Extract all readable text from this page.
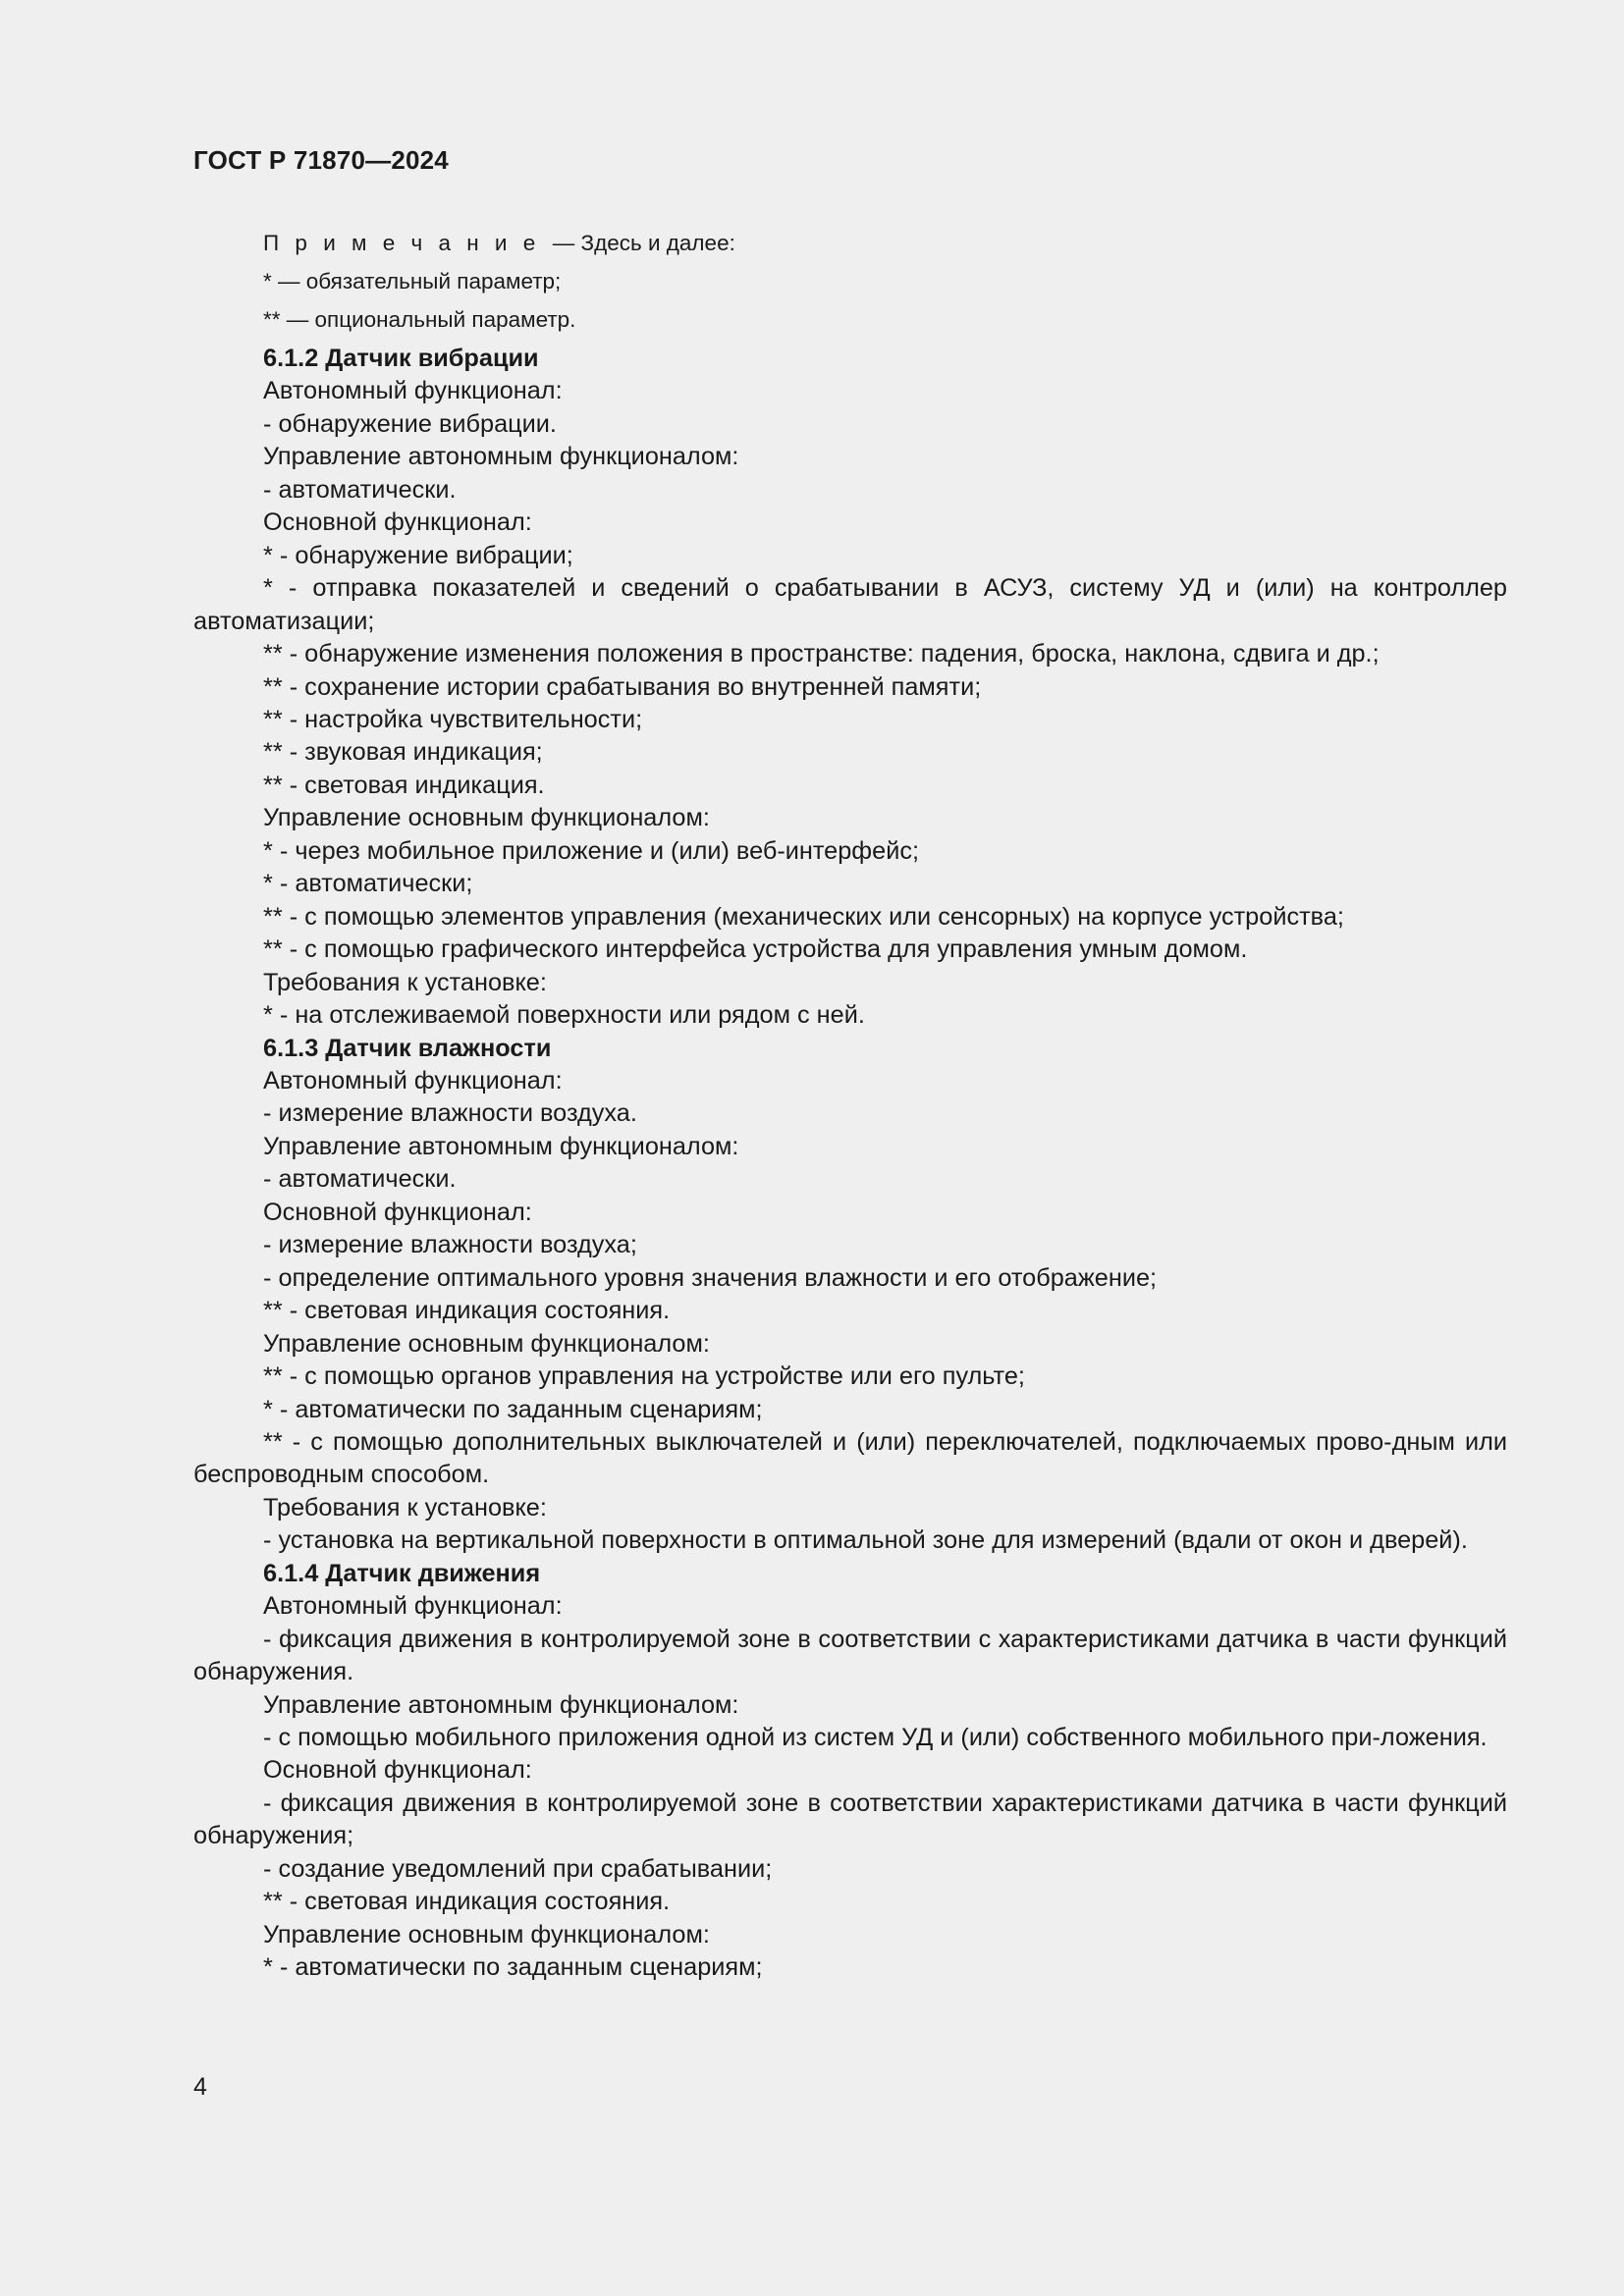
ГОСТ Р 71870—2024
П р и м е ч а н и е  — Здесь и далее:
* — обязательный параметр;
** — опциональный параметр.
6.1.2 Датчик вибрации
Автономный функционал:
- обнаружение вибрации.
Управление автономным функционалом:
- автоматически.
Основной функционал:
* - обнаружение вибрации;
* - отправка показателей и сведений о срабатывании в АСУЗ, систему УД и (или) на контроллер автоматизации;
** - обнаружение изменения положения в пространстве: падения, броска, наклона, сдвига и др.;
** - сохранение истории срабатывания во внутренней памяти;
** - настройка чувствительности;
** - звуковая индикация;
** - световая индикация.
Управление основным функционалом:
* - через мобильное приложение и (или) веб-интерфейс;
* - автоматически;
** - с помощью элементов управления (механических или сенсорных) на корпусе устройства;
** - с помощью графического интерфейса устройства для управления умным домом.
Требования к установке:
* - на отслеживаемой поверхности или рядом с ней.
6.1.3 Датчик влажности
Автономный функционал:
- измерение влажности воздуха.
Управление автономным функционалом:
- автоматически.
Основной функционал:
- измерение влажности воздуха;
- определение оптимального уровня значения влажности и его отображение;
** - световая индикация состояния.
Управление основным функционалом:
** - с помощью органов управления на устройстве или его пульте;
* - автоматически по заданным сценариям;
** - с помощью дополнительных выключателей и (или) переключателей, подключаемых прово-дным или беспроводным способом.
Требования к установке:
- установка на вертикальной поверхности в оптимальной зоне для измерений (вдали от окон и дверей).
6.1.4 Датчик движения
Автономный функционал:
- фиксация движения в контролируемой зоне в соответствии с характеристиками датчика в части функций обнаружения.
Управление автономным функционалом:
- с помощью мобильного приложения одной из систем УД и (или) собственного мобильного при-ложения.
Основной функционал:
- фиксация движения в контролируемой зоне в соответствии характеристиками датчика в части функций обнаружения;
- создание уведомлений при срабатывании;
** - световая индикация состояния.
Управление основным функционалом:
* - автоматически по заданным сценариям;
4
